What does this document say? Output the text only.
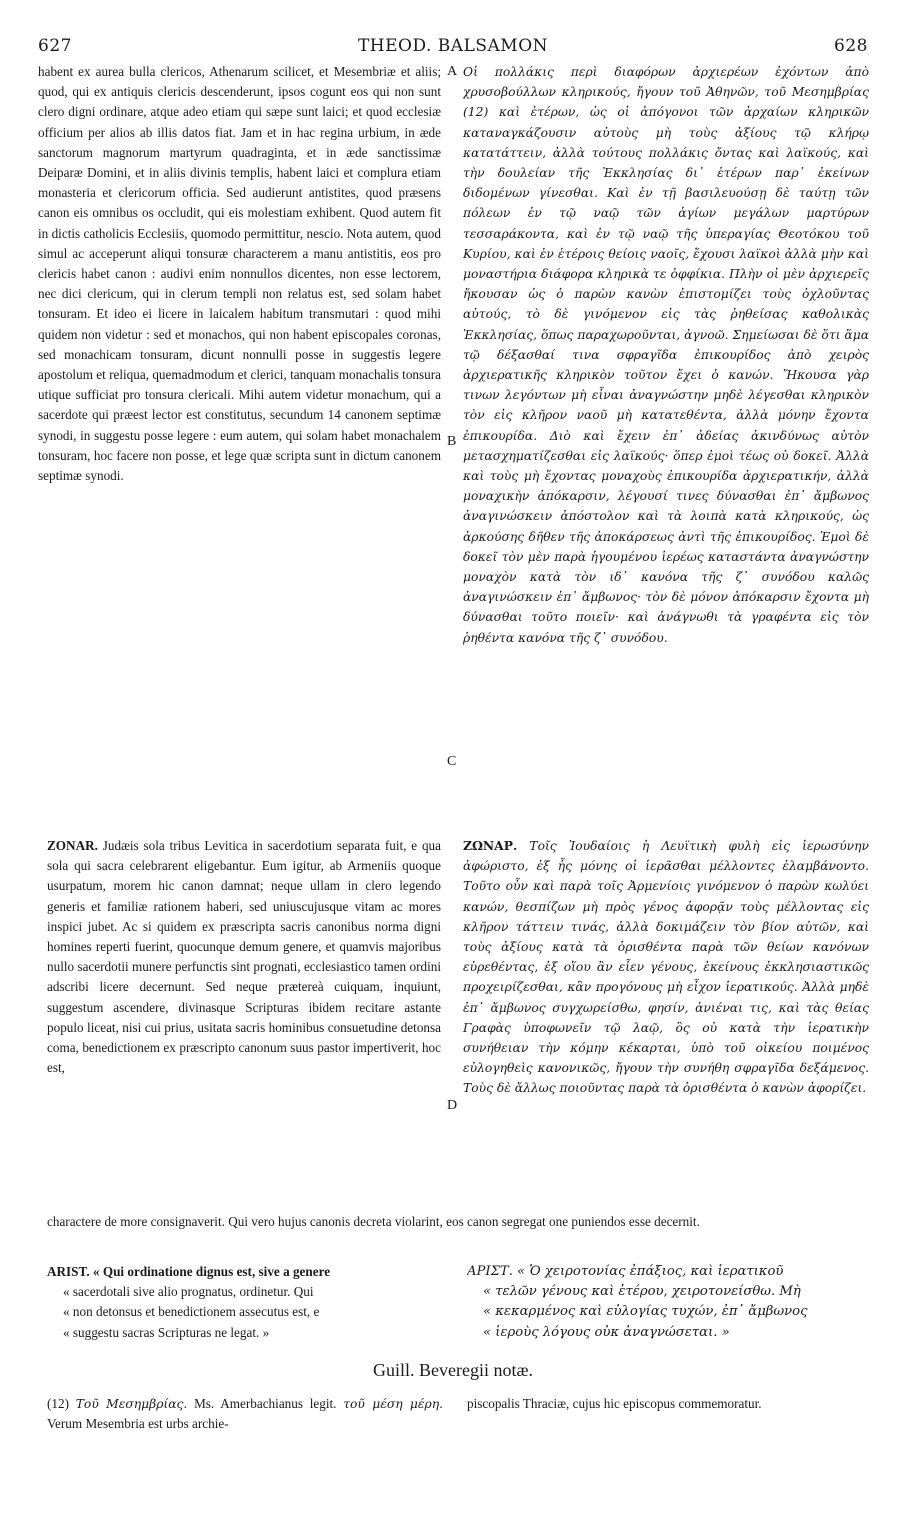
627	THEOD. BALSAMON	628
habent ex aurea bulla clericos, Athenarum scilicet, et Mesembriæ et aliis; quod, qui ex antiquis clericis descenderunt, ipsos cogunt eos qui non sunt clero digni ordinare, atque adeo etiam qui sæpe sunt laici; et quod ecclesiæ officium per alios ab illis datos fiat. Jam et in hac regina urbium, in æde sanctorum magnorum martyrum quadraginta, et in æde sanctissimæ Deiparæ Domini, et in aliis divinis templis, habent laici et complura etiam monasteria et clericorum officia. Sed audierunt antistites, quod præsens canon eis omnibus os occludit, qui eis molestiam exhibent. Quod autem fit in dictis catholicis Ecclesiis, quomodo permittitur, nescio. Nota autem, quod simul ac acceperunt aliqui tonsuræ characterem a manu antistitis, eos pro clericis habet canon : audivi enim nonnullos dicentes, non esse lectorem, nec dici clericum, qui in clerum templi non relatus est, sed solam habet tonsuram. Et ideo ei licere in laicalem habitum transmutari : quod mihi quidem non videtur : sed et monachos, qui non habent episcopales coronas, sed monachicam tonsuram, dicunt nonnulli posse in suggestis legere apostolum et reliqua, quemadmodum et clerici, tanquam monachalis tonsura utique sufficiat pro tonsura clericali. Mihi autem videtur monachum, qui a sacerdote qui præest lector est constitutus, secundum 14 canonem septimæ synodi, in suggestu posse legere : eum autem, qui solam habet monachalem tonsuram, hoc facere non posse, et lege quæ scripta sunt in dictum canonem septimæ synodi.
Οἱ πολλάκις περὶ διαφόρων ἀρχιερέων ἐχόντων ἀπὸ χρυσοβούλλων κληρικούς, ἤγουν τοῦ Ἀθηνῶν, τοῦ Μεσημβρίας (12) καὶ ἑτέρων, ὡς οἱ ἀπόγονοι τῶν ἀρχαίων κληρικῶν καταναγκάζουσιν αὐτοὺς μὴ τοὺς ἀξίους τῷ κλήρῳ κατατάττειν, ἀλλὰ τούτους πολλάκις ὄντας καὶ λαϊκούς, καὶ τὴν δουλείαν τῆς Ἐκκλησίας δι᾽ ἑτέρων παρ᾽ ἐκείνων διδομένων γίνεσθαι. Καὶ ἐν τῇ βασιλευούσῃ δὲ ταύτῃ τῶν πόλεων ἐν τῷ ναῷ τῶν ἁγίων μεγάλων μαρτύρων τεσσαράκοντα, καὶ ἐν τῷ ναῷ τῆς ὑπεραγίας Θεοτόκου τοῦ Κυρίου, καὶ ἐν ἑτέροις θείοις ναοῖς, ἔχουσι λαϊκοὶ ἀλλὰ μὴν καὶ μοναστήρια διάφορα κληρικὰ τε ὀφφίκια. Πλὴν οἱ μὲν ἀρχιερεῖς ἤκουσαν ὡς ὁ παρὼν κανὼν ἐπιστομίζει τοὺς ὀχλοῦντας αὐτούς, τὸ δὲ γινόμενον εἰς τὰς ῥηθείσας καθολικὰς Ἐκκλησίας, ὅπως παραχωροῦνται, ἀγνοῶ. Σημείωσαι δὲ ὅτι ἅμα τῷ δέξασθαί τινα σφραγῖδα ἐπικουρίδος ἀπὸ χειρὸς ἀρχιερατικῆς κληρικὸν τοῦτον ἔχει ὁ κανών. Ἤκουσα γὰρ τινων λεγόντων μὴ εἶναι ἀναγνώστην μηδὲ λέγεσθαι κληρικὸν τὸν εἰς κλῆρον ναοῦ μὴ κατατεθέντα, ἀλλὰ μόνην ἔχοντα ἐπικουρίδα. Διὸ καὶ ἔχειν ἐπ᾽ ἀδείας ἀκινδύνως αὐτὸν μετασχηματίζεσθαι εἰς λαϊκούς· ὅπερ ἐμοὶ τέως οὐ δοκεῖ. Ἀλλὰ καὶ τοὺς μὴ ἔχοντας μοναχοὺς ἐπικουρίδα ἀρχιερατικήν, ἀλλὰ μοναχικὴν ἀπόκαρσιν, λέγουσί τινες δύνασθαι ἐπ᾽ ἄμβωνος ἀναγινώσκειν ἀπόστολον καὶ τὰ λοιπὰ κατὰ κληρικούς, ὡς ἀρκούσης δῆθεν τῆς ἀποκάρσεως ἀντὶ τῆς ἐπικουρίδος. Ἐμοὶ δὲ δοκεῖ τὸν μὲν παρὰ ἡγουμένου ἱερέως καταστάντα ἀναγνώστην μοναχὸν κατὰ τὸν ιδ᾽ κανόνα τῆς ζ᾽ συνόδου καλῶς ἀναγινώσκειν ἐπ᾽ ἄμβωνος· τὸν δὲ μόνον ἀπόκαρσιν ἔχοντα μὴ δύνασθαι τοῦτο ποιεῖν· καὶ ἀνάγνωθι τὰ γραφέντα εἰς τὸν ῥηθέντα κανόνα τῆς ζ᾽ συνόδου.
A
B
C
D
ZONAR. Judæis sola tribus Levitica in sacerdotium separata fuit, e qua sola qui sacra celebrarent eligebantur. Eum igitur, ab Armeniis quoque usurpatum, morem hic canon damnat; neque ullam in clero legendo generis et familiæ rationem haberi, sed uniuscujusque vitam ac mores inspici jubet. Ac si quidem ex præscripta sacris canonibus norma digni homines reperti fuerint, quocunque demum genere, et quamvis majoribus nullo sacerdotii munere perfunctis sint prognati, ecclesiastico tamen ordini adscribi licere decernunt. Sed neque prætereà cuiquam, inquiunt, suggestum ascendere, divinasque Scripturas ibidem recitare astante populo liceat, nisi cui prius, usitata sacris hominibus consuetudine detonsa coma, benedictionem ex præscripto canonum suus pastor impertiverit, hoc est,
ΖΩΝΑΡ. Τοῖς Ἰουδαίοις ἡ Λευϊτικὴ φυλὴ εἰς ἱερωσύνην ἀφώριστο, ἐξ ἧς μόνης οἱ ἱερᾶσθαι μέλλοντες ἐλαμβάνοντο. Τοῦτο οὖν καὶ παρὰ τοῖς Ἀρμενίοις γινόμενον ὁ παρὼν κωλύει κανών, θεσπίζων μὴ πρὸς γένος ἀφορᾷν τοὺς μέλλοντας εἰς κλῆρον τάττειν τινάς, ἀλλὰ δοκιμάζειν τὸν βίον αὐτῶν, καὶ τοὺς ἀξίους κατὰ τὰ ὁρισθέντα παρὰ τῶν θείων κανόνων εὑρεθέντας, ἐξ οἵου ἂν εἶεν γένους, ἐκείνους ἐκκλησιαστικῶς προχειρίζεσθαι, κἂν προγόνους μὴ εἶχον ἱερατικούς. Ἀλλὰ μηδὲ ἐπ᾽ ἄμβωνος συγχωρείσθω, φησίν, ἀνιέναι τις, καὶ τὰς θείας Γραφὰς ὑποφωνεῖν τῷ λαῷ, ὃς οὐ κατὰ τὴν ἱερατικὴν συνήθειαν τὴν κόμην κέκαρται, ὑπὸ τοῦ οἰκείου ποιμένος εὐλογηθεὶς κανονικῶς, ἤγουν τὴν συνήθη σφραγῖδα δεξάμενος. Τοὺς δὲ ἄλλως ποιοῦντας παρὰ τὰ ὁρισθέντα ὁ κανὼν ἀφορίζει.
charactere de more consignaverit. Qui vero hujus canonis decreta violarint, eos canon segregat one puniendos esse decernit.
ARIST. « Qui ordinatione dignus est, sive a genere
« sacerdotali sive alio prognatus, ordinetur. Qui
« non detonsus et benedictionem assecutus est, e
« suggestu sacras Scripturas ne legat. »
ΑΡΙΣΤ. « Ὁ χειροτονίας ἐπάξιος, καὶ ἱερατικοῦ
« τελῶν γένους καὶ ἑτέρου, χειροτονείσθω. Μὴ
« κεκαρμένος καὶ εὐλογίας τυχών, ἐπ᾽ ἄμβωνος
« ἱεροὺς λόγους οὐκ ἀναγνώσεται. »
Guill. Beveregii notæ.
(12) Τοῦ Μεσημβρίας. Ms. Amerbachianus legit. τοῦ μέση μέρη. Verum Mesembria est urbs archie-
piscopalis Thraciæ, cujus hic episcopus commemoratur.
